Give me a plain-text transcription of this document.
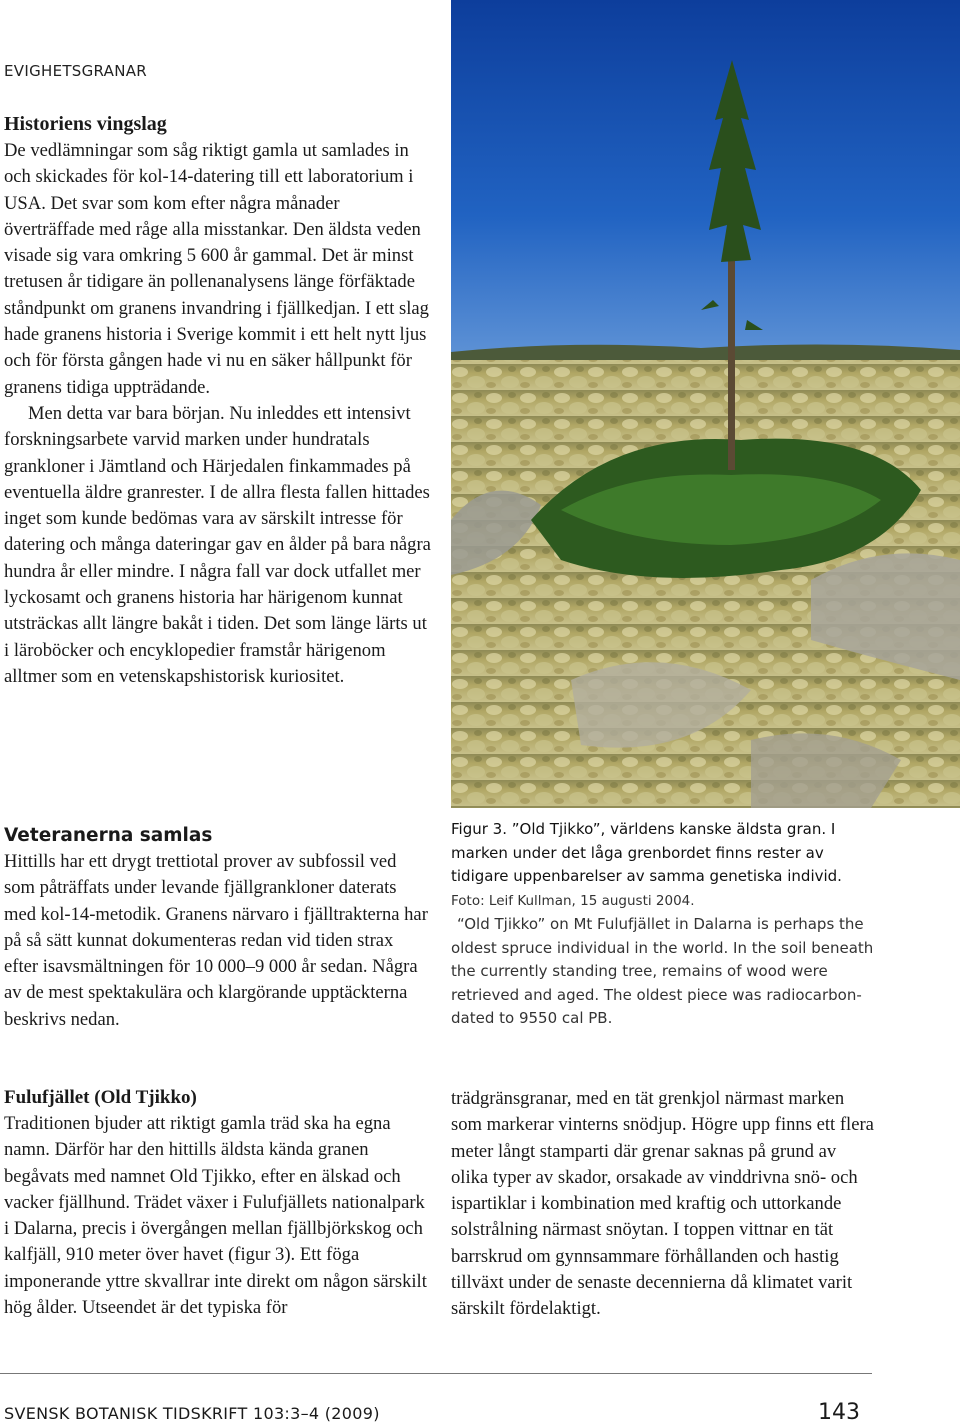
EVIGHETSGRANAR
Historiens vingslag

De vedlämningar som såg riktigt gamla ut samlades in och skickades för kol-14-datering till ett laboratorium i USA. Det svar som kom efter några månader överträffade med råge alla misstankar. Den äldsta veden visade sig vara omkring 5 600 år gammal. Det är minst tretusen år tidigare än pollenanalysens länge förfäktade ståndpunkt om granens invandring i fjällkedjan. I ett slag hade granens historia i Sverige kommit i ett helt nytt ljus och för första gången hade vi nu en säker hållpunkt för granens tidiga uppträdande.
Men detta var bara början. Nu inleddes ett intensivt forskningsarbete varvid marken under hundratals grankloner i Jämtland och Härjedalen finkammades på eventuella äldre granrester. I de allra flesta fallen hittades inget som kunde bedömas vara av särskilt intresse för datering och många dateringar gav en ålder på bara några hundra år eller mindre. I några fall var dock utfallet mer lyckosamt och granens historia har härigenom kunnat utsträckas allt längre bakåt i tiden. Det som länge lärts ut i läroböcker och encyklopedier framstår härigenom alltmer som en vetenskapshistorisk kuriositet.

Veteranerna samlas

Hittills har ett drygt trettiotal prover av subfossil ved som påträffats under levande fjällgrankloner daterats med kol-14-metodik. Granens närvaro i fjälltrakterna har på så sätt kunnat dokumenteras redan vid tiden strax efter isavsmältningen för 10 000–9 000 år sedan. Några av de mest spektakulära och klargörande upptäckterna beskrivs nedan.

Fulufjället (Old Tjikko)

Traditionen bjuder att riktigt gamla träd ska ha egna namn. Därför har den hittills äldsta kända granen begåvats med namnet Old Tjikko, efter en älskad och vacker fjällhund. Trädet växer i Fulufjällets nationalpark i Dalarna, precis i övergången mellan fjällbjörkskog och kalfjäll, 910 meter över havet (figur 3). Ett föga imponerande yttre skvallrar inte direkt om någon särskilt hög ålder. Utseendet är det typiska för

Figur 3. ”Old Tjikko”, världens kanske äldsta gran. I marken under det låga grenbordet finns rester av tidigare uppenbarelser av samma genetiska individ.
Foto: Leif Kullman, 15 augusti 2004.
“Old Tjikko” on Mt Fulufjället in Dalarna is perhaps the oldest spruce individual in the world. In the soil beneath the currently standing tree, remains of wood were retrieved and aged. The oldest piece was radiocarbon-dated to 9550 cal PB.

trädgränsgranar, med en tät grenkjol närmast marken som markerar vinterns snödjup. Högre upp finns ett flera meter långt stamparti där grenar saknas på grund av olika typer av skador, orsakade av vinddrivna snö- och ispartiklar i kombination med kraftig och uttorkande solstrålning närmast snöytan. I toppen vittnar en tät barrskrud om gynnsammare förhållanden och hastig tillväxt under de senaste decennierna då klimatet varit särskilt fördelaktigt.

SVENSK BOTANISK TIDSKRIFT 103:3–4 (2009)	143
